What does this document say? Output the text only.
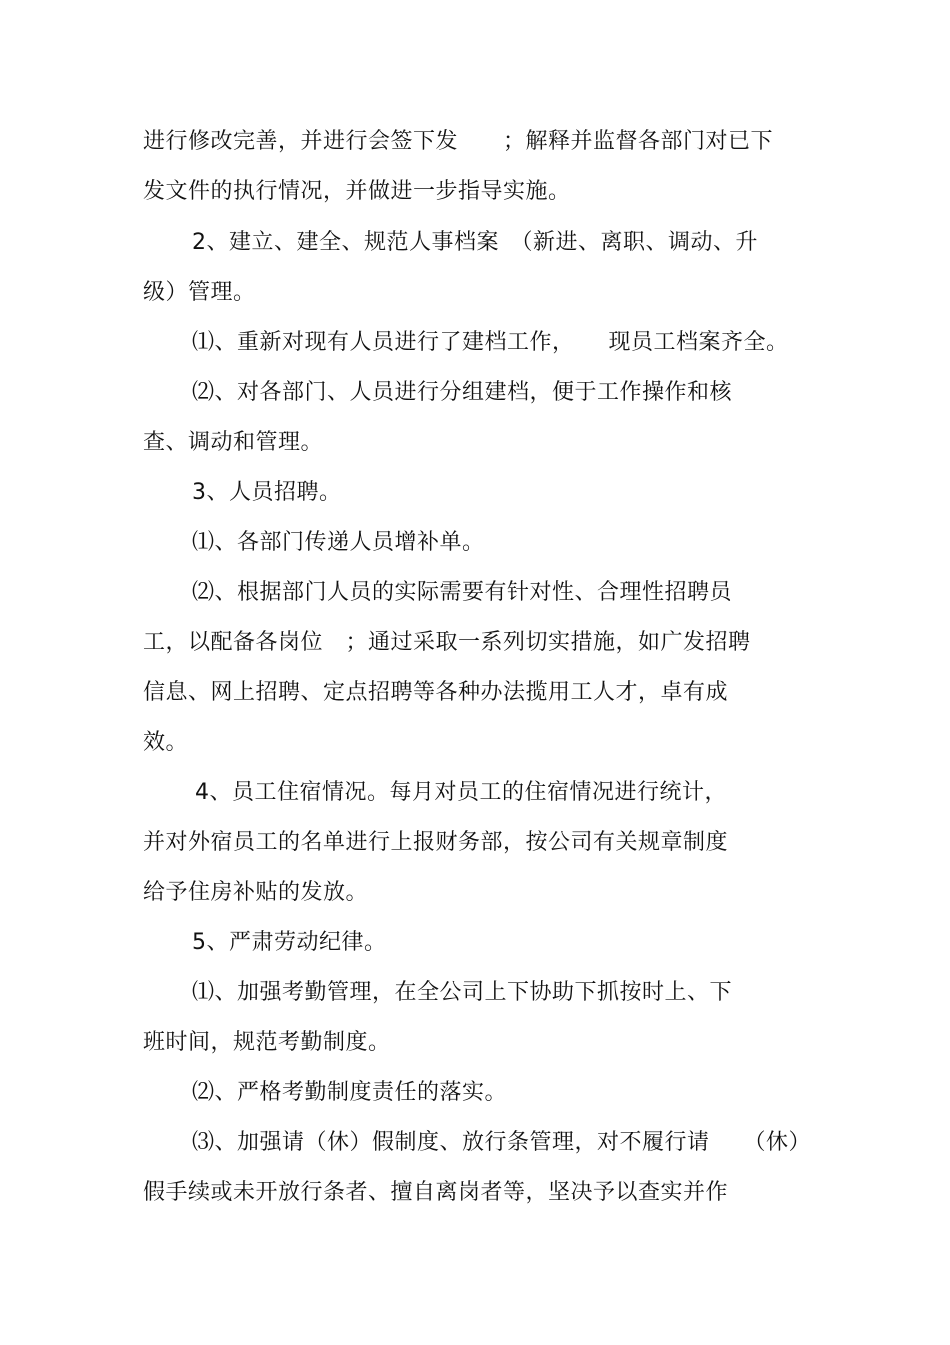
进行修改完善，并进行会签下发　　；解释并监督各部门对已下
发文件的执行情况，并做进一步指导实施。
2、建立、建全、规范人事档案　（新进、离职、调动、升
级）管理。
⑴、重新对现有人员进行了建档工作，　　现员工档案齐全。
⑵、对各部门、人员进行分组建档，便于工作操作和核
查、调动和管理。
3、人员招聘。
⑴、各部门传递人员增补单。
⑵、根据部门人员的实际需要有针对性、合理性招聘员
工，以配备各岗位　；通过采取一系列切实措施，如广发招聘
信息、网上招聘、定点招聘等各种办法揽用工人才，卓有成
效。
4、员工住宿情况。每月对员工的住宿情况进行统计，
并对外宿员工的名单进行上报财务部，按公司有关规章制度
给予住房补贴的发放。
5、严肃劳动纪律。
⑴、加强考勤管理，在全公司上下协助下抓按时上、下
班时间，规范考勤制度。
⑵、严格考勤制度责任的落实。
⑶、加强请（休）假制度、放行条管理，对不履行请　　（休）
假手续或未开放行条者、擅自离岗者等，坚决予以查实并作
